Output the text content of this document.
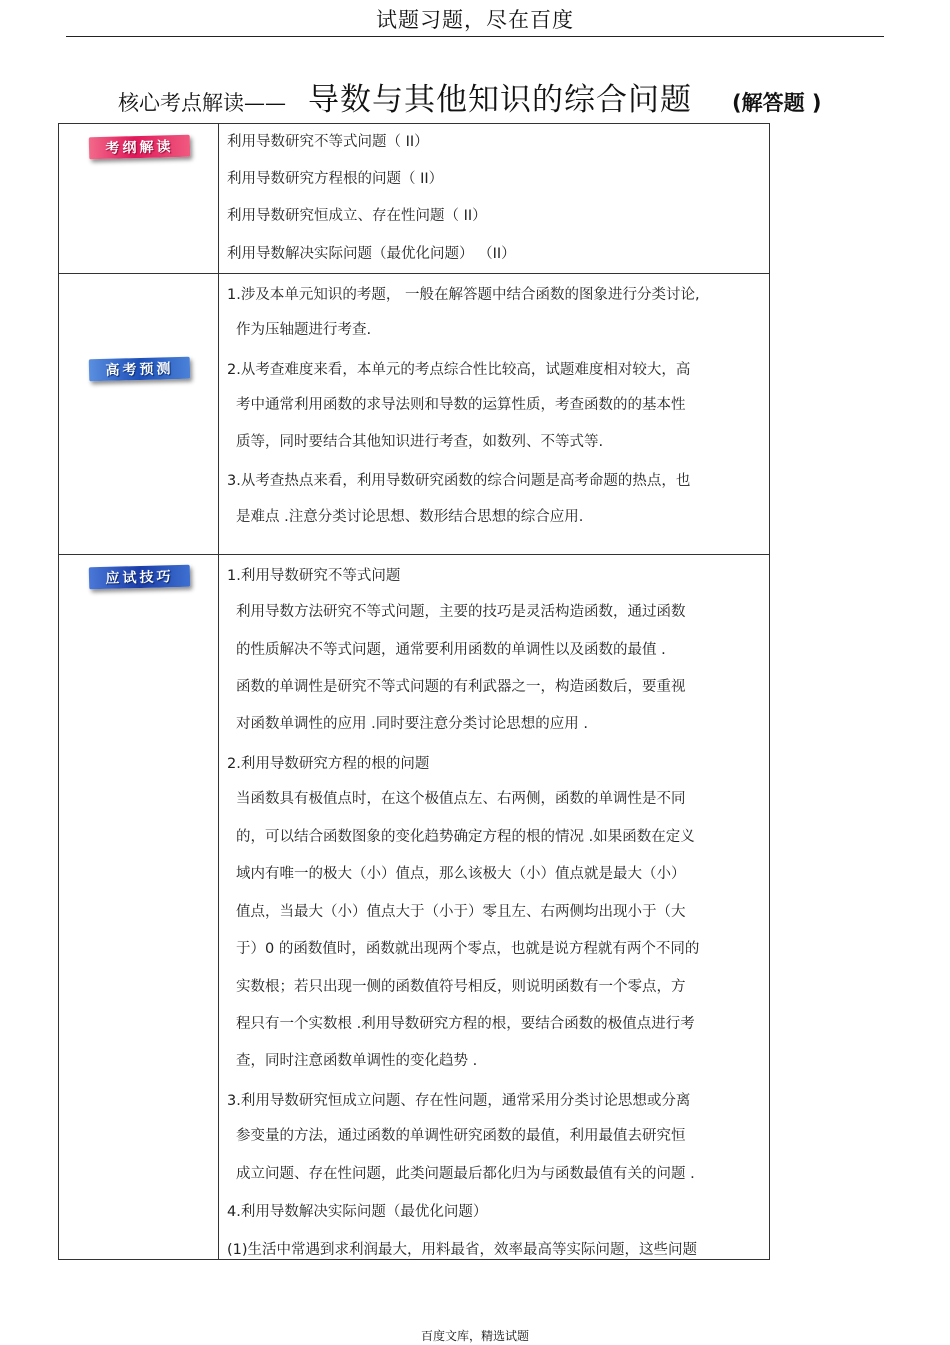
试题习题，尽在百度
核心考点解读—— 导数与其他知识的综合问题 (解答题 )
考纲解读	利用导数研究不等式问题（ II）
利用导数研究方程根的问题（ II）
利用导数研究恒成立、存在性问题（ II）
利用导数解决实际问题（最优化问题） （II）
高考预测
1.涉及本单元知识的考题， 一般在解答题中结合函数的图象进行分类讨论,
作为压轴题进行考查.
2.从考查难度来看，本单元的考点综合性比较高，试题难度相对较大，高
考中通常利用函数的求导法则和导数的运算性质，考查函数的的基本性
质等，同时要结合其他知识进行考查，如数列、不等式等.
3.从考查热点来看，利用导数研究函数的综合问题是高考命题的热点，也
是难点 .注意分类讨论思想、数形结合思想的综合应用.
应试技巧	1.利用导数研究不等式问题
利用导数方法研究不等式问题，主要的技巧是灵活构造函数，通过函数
的性质解决不等式问题，通常要利用函数的单调性以及函数的最值 .
函数的单调性是研究不等式问题的有利武器之一，构造函数后，要重视
对函数单调性的应用 .同时要注意分类讨论思想的应用 .
2.利用导数研究方程的根的问题
当函数具有极值点时，在这个极值点左、右两侧，函数的单调性是不同
的，可以结合函数图象的变化趋势确定方程的根的情况 .如果函数在定义
域内有唯一的极大（小）值点，那么该极大（小）值点就是最大（小）
值点，当最大（小）值点大于（小于）零且左、右两侧均出现小于（大
于）0 的函数值时，函数就出现两个零点，也就是说方程就有两个不同的
实数根；若只出现一侧的函数值符号相反，则说明函数有一个零点，方
程只有一个实数根 .利用导数研究方程的根，要结合函数的极值点进行考
查，同时注意函数单调性的变化趋势 .
3.利用导数研究恒成立问题、存在性问题，通常采用分类讨论思想或分离
参变量的方法，通过函数的单调性研究函数的最值，利用最值去研究恒
成立问题、存在性问题，此类问题最后都化归为与函数最值有关的问题 .
4.利用导数解决实际问题（最优化问题）
(1)生活中常遇到求利润最大，用料最省，效率最高等实际问题，这些问题
百度文库，精选试题
